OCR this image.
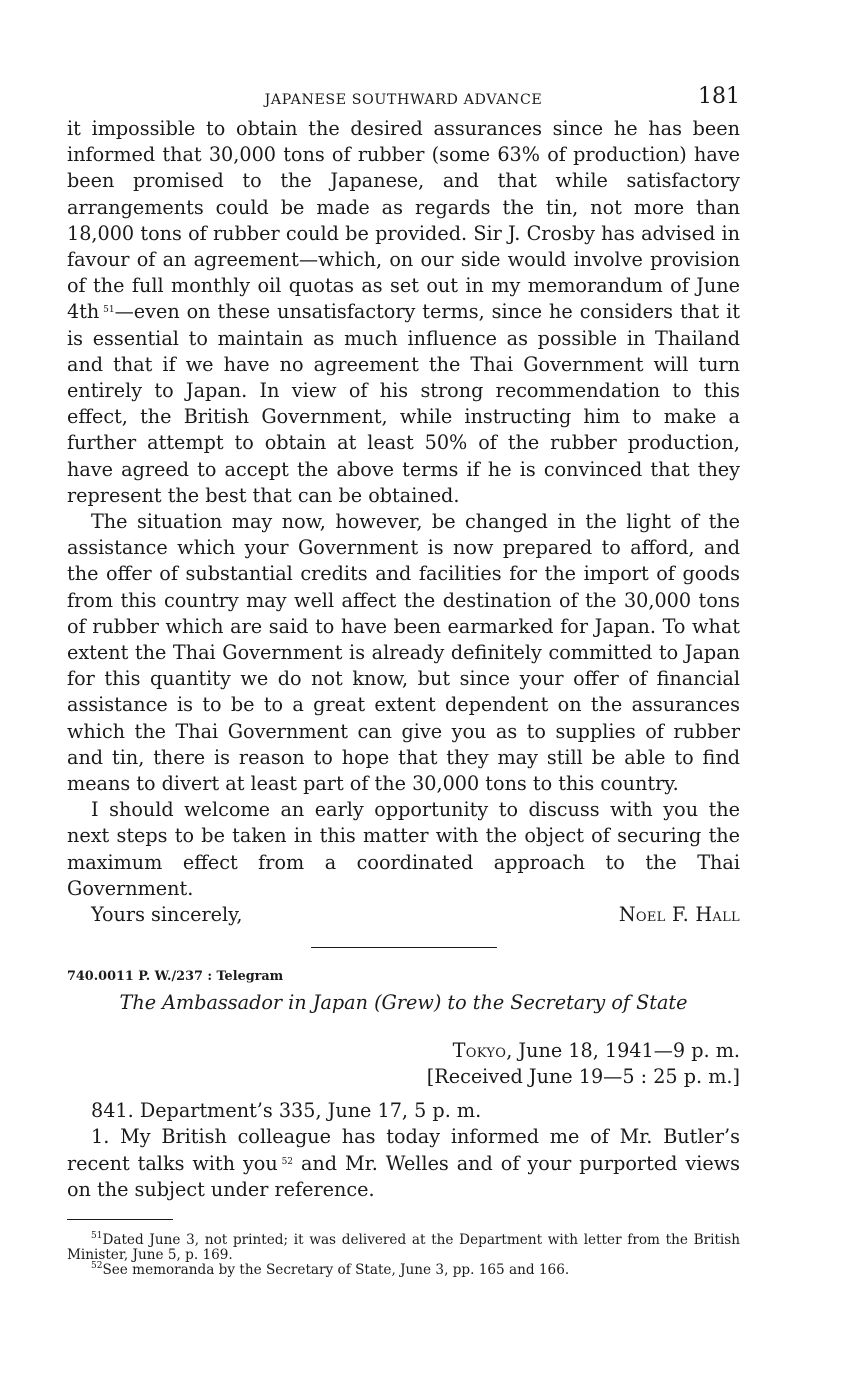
JAPANESE SOUTHWARD ADVANCE	181

it impossible to obtain the desired assurances since he has been informed that 30,000 tons of rubber (some 63% of production) have been promised to the Japanese, and that while satisfactory arrangements could be made as regards the tin, not more than 18,000 tons of rubber could be provided. Sir J. Crosby has advised in favour of an agreement—which, on our side would involve provision of the full monthly oil quotas as set out in my memorandum of June 4th  $^{51}$—even on these unsatisfactory terms, since he considers that it is essential to maintain as much influence as possible in Thailand and that if we have no agreement the Thai Government will turn entirely to Japan. In view of his strong recommendation to this effect, the British Government, while instructing him to make a further attempt to obtain at least 50% of the rubber production, have agreed to accept the above terms if he is convinced that they represent the best that can be obtained.

The situation may now, however, be changed in the light of the assistance which your Government is now prepared to afford, and the offer of substantial credits and facilities for the import of goods from this country may well affect the destination of the 30,000 tons of rubber which are said to have been earmarked for Japan. To what extent the Thai Government is already definitely committed to Japan for this quantity we do not know, but since your offer of financial assistance is to be to a great extent dependent on the assurances which the Thai Government can give you as to supplies of rubber and tin, there is reason to hope that they may still be able to find means to divert at least part of the 30,000 tons to this country.

I should welcome an early opportunity to discuss with you the next steps to be taken in this matter with the object of securing the maximum effect from a coordinated approach to the Thai Government.

Yours sincerely,	Noel F. Hall
740.0011 P. W./237 : Telegram
The Ambassador in Japan (Grew) to the Secretary of State
Tokyo, June 18, 1941—9 p. m.
[Received June 19—5 : 25 p. m.]

841. Department’s 335, June 17, 5 p. m.

1. My British colleague has today informed me of Mr. Butler’s recent talks with you  $^{52}$ and Mr. Welles and of your purported views on the subject under reference.

$^{51}$Dated June 3, not printed; it was delivered at the Department with letter from the British Minister, June 5, p. 169.

$^{52}$See memoranda by the Secretary of State, June 3, pp. 165 and 166.
